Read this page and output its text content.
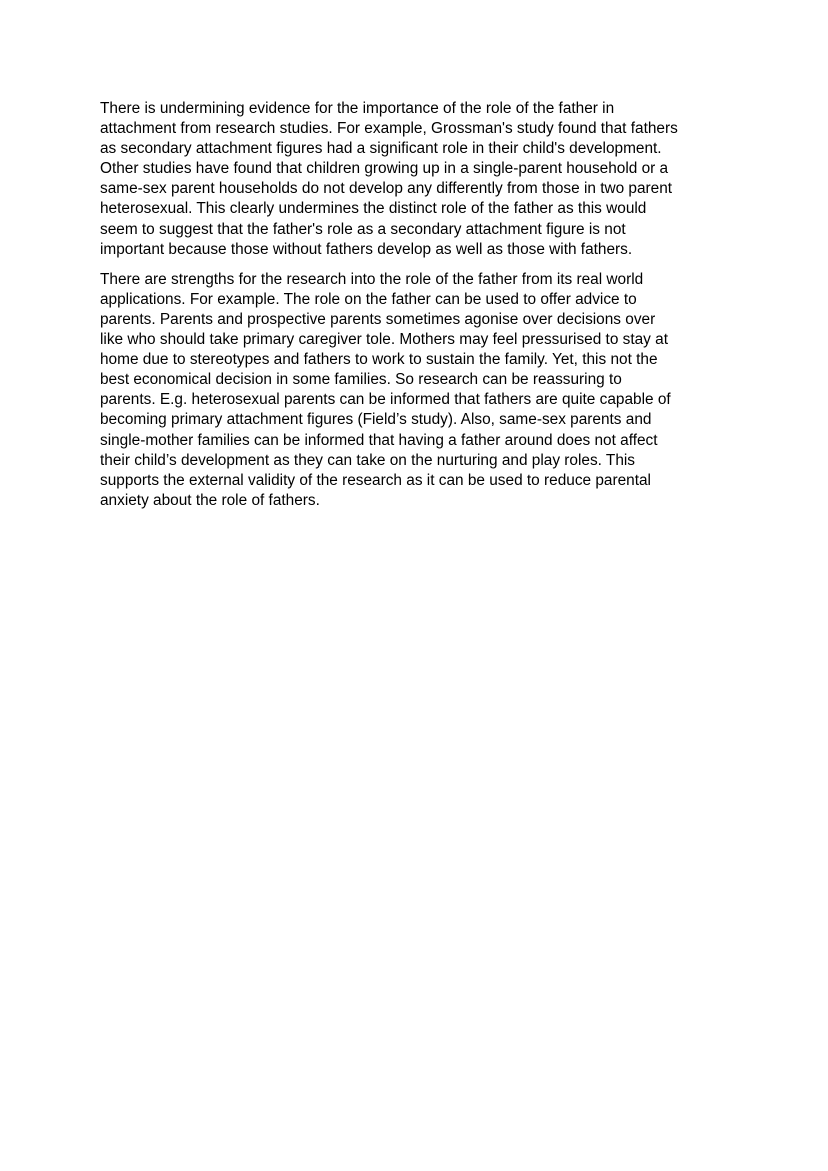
There is undermining evidence for the importance of the role of the father in
attachment from research studies. For example, Grossman's study found that fathers
as secondary attachment figures had a significant role in their child's development.
Other studies have found that children growing up in a single-parent household or a
same-sex parent households do not develop any differently from those in two parent
heterosexual. This clearly undermines the distinct role of the father as this would
seem to suggest that the father's role as a secondary attachment figure is not
important because those without fathers develop as well as those with fathers.

There are strengths for the research into the role of the father from its real world
applications. For example. The role on the father can be used to offer advice to
parents. Parents and prospective parents sometimes agonise over decisions over
like who should take primary caregiver tole. Mothers may feel pressurised to stay at
home due to stereotypes and fathers to work to sustain the family. Yet, this not the
best economical decision in some families. So research can be reassuring to
parents. E.g. heterosexual parents can be informed that fathers are quite capable of
becoming primary attachment figures (Field’s study). Also, same-sex parents and
single-mother families can be informed that having a father around does not affect
their child’s development as they can take on the nurturing and play roles. This
supports the external validity of the research as it can be used to reduce parental
anxiety about the role of fathers.
